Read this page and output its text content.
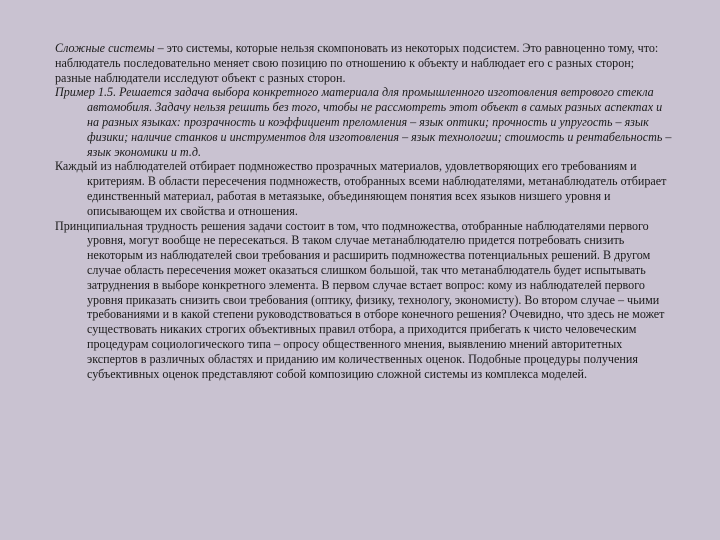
Сложные системы – это системы, которые нельзя скомпоновать из некоторых подсистем. Это равноценно тому, что:

наблюдатель последовательно меняет свою позицию по отношению к объекту и наблюдает его с разных сторон;

разные наблюдатели исследуют объект с разных сторон.

Пример 1.5. Решается задача выбора конкретного материала для промышленного изготовления ветрового стекла автомобиля. Задачу нельзя решить без того, чтобы не рассмотреть этот объект в самых разных аспектах и на разных языках: прозрачность и коэффициент преломления – язык оптики; прочность и упругость – язык физики; наличие станков и инструментов для изготовления – язык технологии; стоимость и рентабельность – язык экономики и т.д.

Каждый из наблюдателей отбирает подмножество прозрачных материалов, удовлетворяющих его требованиям и критериям. В области пересечения подмножеств, отобранных всеми наблюдателями, метанаблюдатель отбирает единственный материал, работая в метаязыке, объединяющем понятия всех языков низшего уровня и описывающем их свойства и отношения.

Принципиальная трудность решения задачи состоит в том, что подмножества, отобранные наблюдателями первого уровня, могут вообще не пересекаться. В таком случае метанаблюдателю придется потребовать снизить некоторым из наблюдателей свои требования и расширить подмножества потенциальных решений. В другом случае область пересечения может оказаться слишком большой, так что метанаблюдатель будет испытывать затруднения в выборе конкретного элемента. В первом случае встает вопрос: кому из наблюдателей первого уровня приказать снизить свои требования (оптику, физику, технологу, экономисту). Во втором случае – чьими требованиями и в какой степени руководствоваться в отборе конечного решения? Очевидно, что здесь не может существовать никаких строгих объективных правил отбора, а приходится прибегать к чисто человеческим процедурам социологического типа – опросу общественного мнения, выявлению мнений авторитетных экспертов в различных областях и приданию им количественных оценок. Подобные процедуры получения субъективных оценок представляют собой композицию сложной системы из комплекса моделей.
